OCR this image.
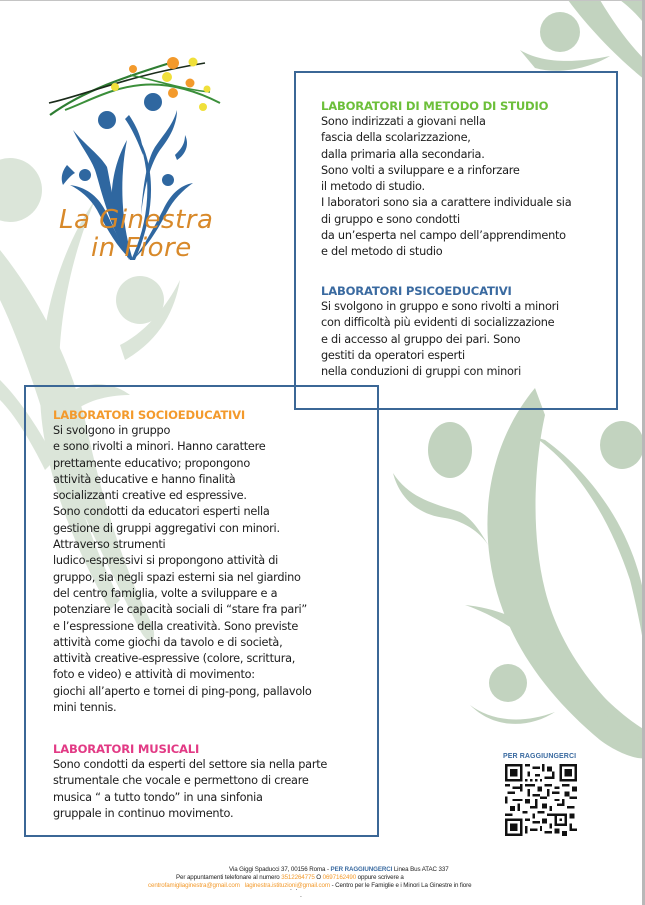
La Ginestra
in Fiore
LABORATORI DI METODO DI STUDIO
Sono indirizzati a giovani nella
fascia della scolarizzazione,
dalla primaria alla secondaria.
Sono volti a sviluppare e a rinforzare
il metodo di studio.
I laboratori sono sia a carattere individuale sia
di gruppo e sono condotti
da un’esperta nel campo dell’apprendimento
e del metodo di studio
LABORATORI PSICOEDUCATIVI
Si svolgono in gruppo e sono rivolti a minori
con difficoltà più evidenti di socializzazione
e di accesso al gruppo dei pari. Sono
gestiti da operatori esperti
nella conduzioni di gruppi con minori
LABORATORI SOCIOEDUCATIVI
Si svolgono in gruppo
e sono rivolti a minori. Hanno carattere
prettamente educativo; propongono
attività educative e hanno finalità
socializzanti creative ed espressive.
Sono condotti da educatori esperti nella
gestione di gruppi aggregativi con minori.
Attraverso strumenti
ludico-espressivi si propongono attività di
gruppo, sia negli spazi esterni sia nel giardino
del centro famiglia, volte a sviluppare e a
potenziare le capacità sociali di “stare fra pari”
e l’espressione della creatività. Sono previste
attività come giochi da tavolo e di società,
attività creative-espressive (colore, scrittura,
foto e video) e attività di movimento:
giochi all’aperto e tornei di ping-pong, pallavolo
mini tennis.
LABORATORI MUSICALI
Sono condotti da esperti del settore sia nella parte
strumentale che vocale e permettono di creare
musica “ a tutto tondo” in una sinfonia
gruppale in continuo movimento.
PER RAGGIUNGERCI
Via Giggi Spaducci 37, 00156 Roma - PER RAGGIUNGERCI Linea Bus ATAC 337
Per appuntamenti telefonare al numero 3512264775 O 0697162490 oppure scrivere a
centrofamigliaginestra@gmail.com laginestra.istituzioni@gmail.com - Centro per le Famiglie e i Minori La Ginestre in fiore
·  ·
·
